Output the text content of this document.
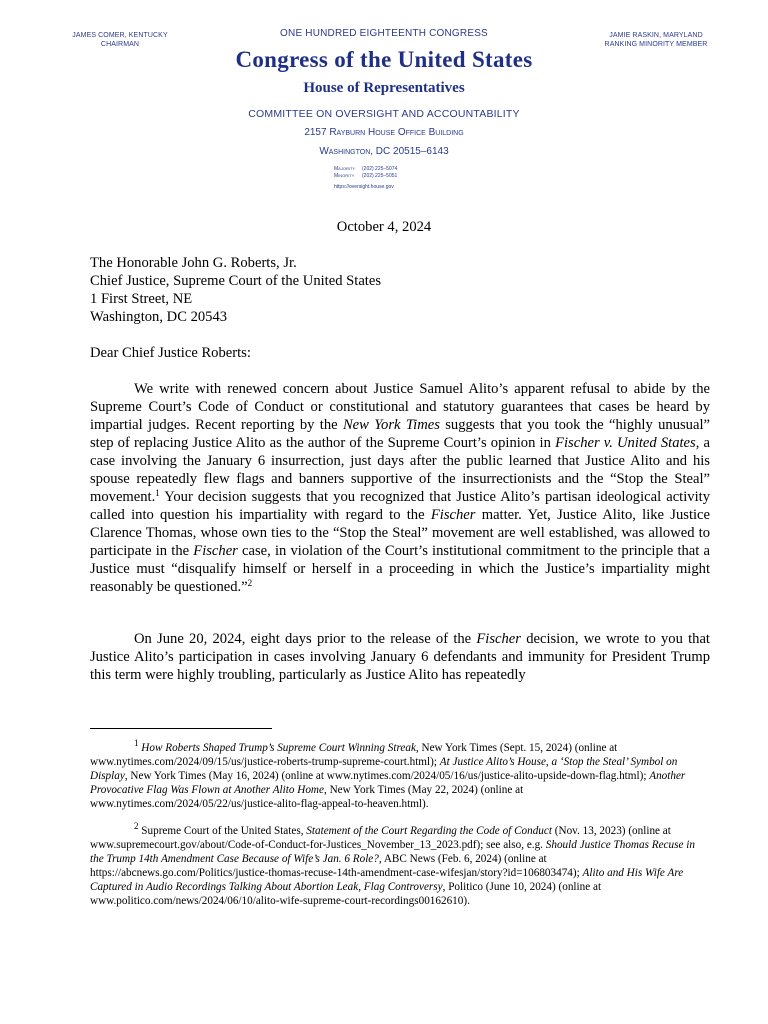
JAMES COMER, KENTUCKY
CHAIRMAN
JAMIE RASKIN, MARYLAND
RANKING MINORITY MEMBER
ONE HUNDRED EIGHTEENTH CONGRESS
Congress of the United States
House of Representatives
COMMITTEE ON OVERSIGHT AND ACCOUNTABILITY
2157 Rayburn House Office Building
Washington, DC 20515–6143
Majority (202) 225–5074
Minority (202) 225–5051
https://oversight.house.gov
October 4, 2024
The Honorable John G. Roberts, Jr.
Chief Justice, Supreme Court of the United States
1 First Street, NE
Washington, DC 20543
Dear Chief Justice Roberts:
We write with renewed concern about Justice Samuel Alito’s apparent refusal to abide by the Supreme Court’s Code of Conduct or constitutional and statutory guarantees that cases be heard by impartial judges. Recent reporting by the New York Times suggests that you took the “highly unusual” step of replacing Justice Alito as the author of the Supreme Court’s opinion in Fischer v. United States, a case involving the January 6 insurrection, just days after the public learned that Justice Alito and his spouse repeatedly flew flags and banners supportive of the insurrectionists and the “Stop the Steal” movement.$^1$ Your decision suggests that you recognized that Justice Alito’s partisan ideological activity called into question his impartiality with regard to the Fischer matter. Yet, Justice Alito, like Justice Clarence Thomas, whose own ties to the “Stop the Steal” movement are well established, was allowed to participate in the Fischer case, in violation of the Court’s institutional commitment to the principle that a Justice must “disqualify himself or herself in a proceeding in which the Justice’s impartiality might reasonably be questioned.”$^2$
On June 20, 2024, eight days prior to the release of the Fischer decision, we wrote to you that Justice Alito’s participation in cases involving January 6 defendants and immunity for President Trump this term were highly troubling, particularly as Justice Alito has repeatedly
$^1$ How Roberts Shaped Trump’s Supreme Court Winning Streak, New York Times (Sept. 15, 2024) (online at www.nytimes.com/2024/09/15/us/justice-roberts-trump-supreme-court.html); At Justice Alito’s House, a ‘Stop the Steal’ Symbol on Display, New York Times (May 16, 2024) (online at www.nytimes.com/2024/05/16/us/justice-alito-upside-down-flag.html); Another Provocative Flag Was Flown at Another Alito Home, New York Times (May 22, 2024) (online at www.nytimes.com/2024/05/22/us/justice-alito-flag-appeal-to-heaven.html).
$^2$ Supreme Court of the United States, Statement of the Court Regarding the Code of Conduct (Nov. 13, 2023) (online at www.supremecourt.gov/about/Code-of-Conduct-for-Justices_November_13_2023.pdf); see also, e.g. Should Justice Thomas Recuse in the Trump 14th Amendment Case Because of Wife’s Jan. 6 Role?, ABC News (Feb. 6, 2024) (online at https://abcnews.go.com/Politics/justice-thomas-recuse-14th-amendment-case-wifesjan/story?id=106803474); Alito and His Wife Are Captured in Audio Recordings Talking About Abortion Leak, Flag Controversy, Politico (June 10, 2024) (online at www.politico.com/news/2024/06/10/alito-wife-supreme-court-recordings00162610).
